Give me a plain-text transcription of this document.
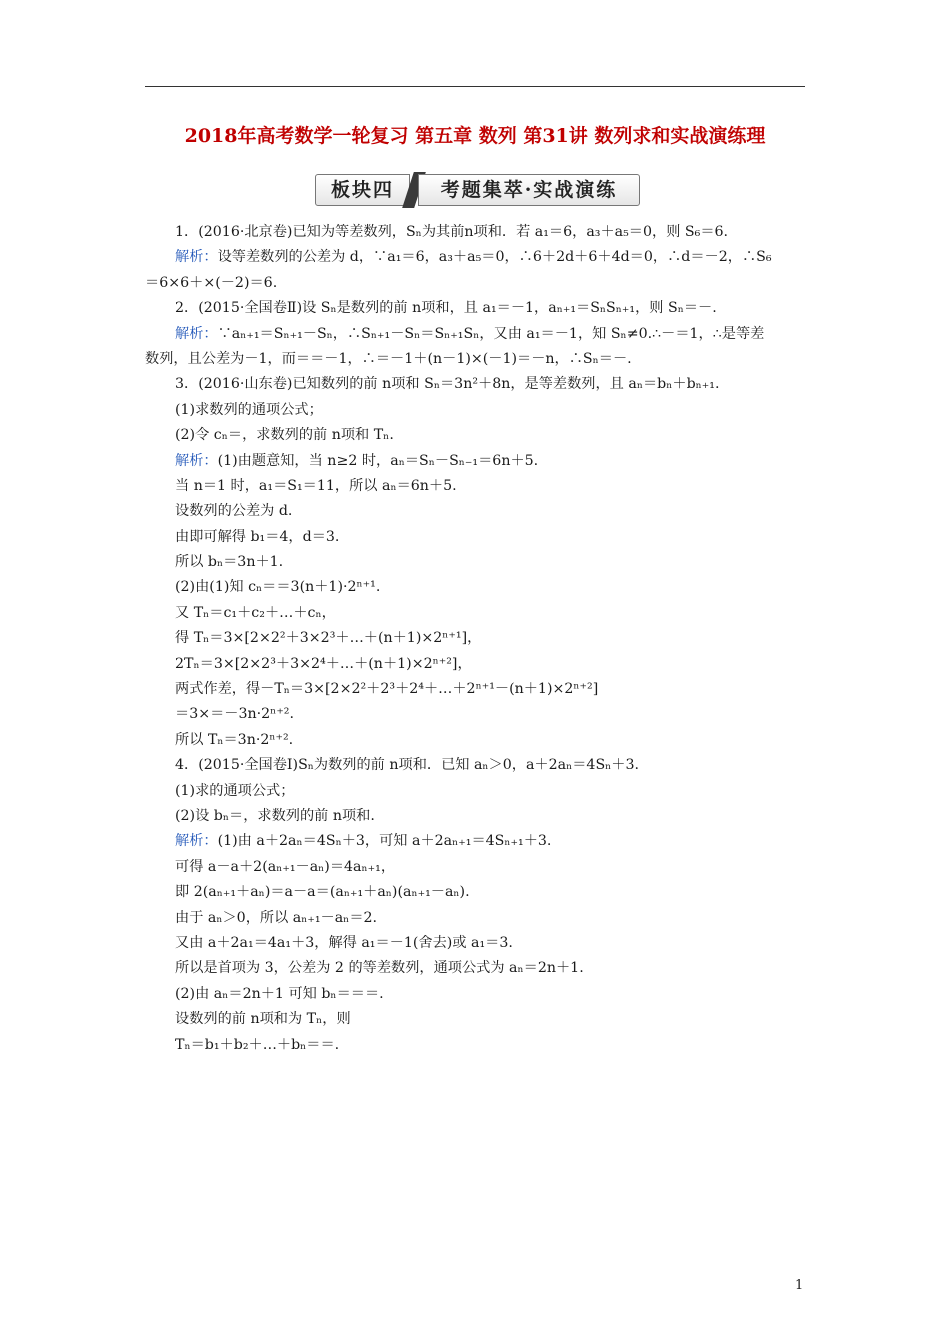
2018年高考数学一轮复习 第五章 数列 第31讲 数列求和实战演练理
板块四	考题集萃·实战演练
1．(2016·北京卷)已知为等差数列，Sₙ为其前n项和．若 a₁＝6，a₃＋a₅＝0，则 S₆＝6.
解析：设等差数列的公差为 d，∵a₁＝6，a₃＋a₅＝0，∴6＋2d＋6＋4d＝0，∴d＝－2，∴S₆
＝6×6＋×(－2)＝6.
2．(2015·全国卷Ⅱ)设 Sₙ是数列的前 n项和，且 a₁＝－1，aₙ₊₁＝SₙSₙ₊₁，则 Sₙ＝－.
解析：∵aₙ₊₁＝Sₙ₊₁－Sₙ，∴Sₙ₊₁－Sₙ＝Sₙ₊₁Sₙ，又由 a₁＝－1，知 Sₙ≠0.∴－＝1，∴是等差
数列，且公差为－1，而＝＝－1，∴＝－1＋(n－1)×(－1)＝－n，∴Sₙ＝－.
3．(2016·山东卷)已知数列的前 n项和 Sₙ＝3n²＋8n，是等差数列，且 aₙ＝bₙ＋bₙ₊₁.
(1)求数列的通项公式；
(2)令 cₙ＝，求数列的前 n项和 Tₙ.
解析：(1)由题意知，当 n≥2 时，aₙ＝Sₙ－Sₙ₋₁＝6n＋5.
当 n＝1 时，a₁＝S₁＝11，所以 aₙ＝6n＋5.
设数列的公差为 d.
由即可解得 b₁＝4，d＝3.
所以 bₙ＝3n＋1.
(2)由(1)知 cₙ＝＝3(n＋1)·2ⁿ⁺¹.
又 Tₙ＝c₁＋c₂＋…＋cₙ，
得 Tₙ＝3×[2×2²＋3×2³＋…＋(n＋1)×2ⁿ⁺¹]，
2Tₙ＝3×[2×2³＋3×2⁴＋…＋(n＋1)×2ⁿ⁺²]，
两式作差，得－Tₙ＝3×[2×2²＋2³＋2⁴＋…＋2ⁿ⁺¹－(n＋1)×2ⁿ⁺²]
＝3×＝－3n·2ⁿ⁺².
所以 Tₙ＝3n·2ⁿ⁺².
4．(2015·全国卷Ⅰ)Sₙ为数列的前 n项和．已知 aₙ＞0，a＋2aₙ＝4Sₙ＋3.
(1)求的通项公式；
(2)设 bₙ＝，求数列的前 n项和.
解析：(1)由 a＋2aₙ＝4Sₙ＋3，可知 a＋2aₙ₊₁＝4Sₙ₊₁＋3.
可得 a－a＋2(aₙ₊₁－aₙ)＝4aₙ₊₁，
即 2(aₙ₊₁＋aₙ)＝a－a＝(aₙ₊₁＋aₙ)(aₙ₊₁－aₙ).
由于 aₙ＞0，所以 aₙ₊₁－aₙ＝2.
又由 a＋2a₁＝4a₁＋3，解得 a₁＝－1(舍去)或 a₁＝3.
所以是首项为 3，公差为 2 的等差数列，通项公式为 aₙ＝2n＋1.
(2)由 aₙ＝2n＋1 可知 bₙ＝＝＝.
设数列的前 n项和为 Tₙ，则
Tₙ＝b₁＋b₂＋…＋bₙ＝＝.
1
